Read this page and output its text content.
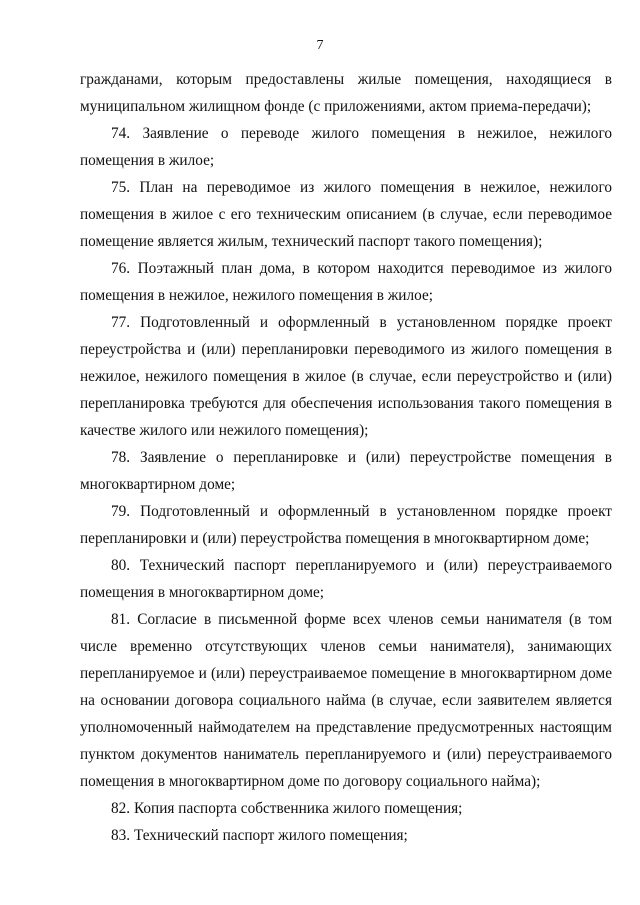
7

гражданами, которым предоставлены жилые помещения, находящиеся в муниципальном жилищном фонде (с приложениями, актом приема-передачи);

74. Заявление о переводе жилого помещения в нежилое, нежилого помещения в жилое;

75. План на переводимое из жилого помещения в нежилое, нежилого помещения в жилое с его техническим описанием (в случае, если переводимое помещение является жилым, технический паспорт такого помещения);

76. Поэтажный план дома, в котором находится переводимое из жилого помещения в нежилое, нежилого помещения в жилое;

77. Подготовленный и оформленный в установленном порядке проект переустройства и (или) перепланировки переводимого из жилого помещения в нежилое, нежилого помещения в жилое (в случае, если переустройство и (или) перепланировка требуются для обеспечения использования такого помещения в качестве жилого или нежилого помещения);

78. Заявление о перепланировке и (или) переустройстве помещения в многоквартирном доме;

79. Подготовленный и оформленный в установленном порядке проект перепланировки и (или) переустройства помещения в многоквартирном доме;

80. Технический паспорт перепланируемого и (или) переустраиваемого помещения в многоквартирном доме;

81. Согласие в письменной форме всех членов семьи нанимателя (в том числе временно отсутствующих членов семьи нанимателя), занимающих перепланируемое и (или) переустраиваемое помещение в многоквартирном доме на основании договора социального найма (в случае, если заявителем является уполномоченный наймодателем на представление предусмотренных настоящим пунктом документов наниматель перепланируемого и (или) переустраиваемого помещения в многоквартирном доме по договору социального найма);

82. Копия паспорта собственника жилого помещения;

83. Технический паспорт жилого помещения;
